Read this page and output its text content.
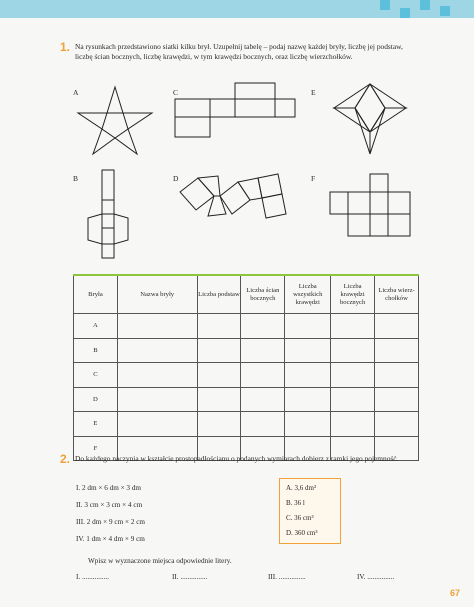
1. Na rysunkach przedstawiono siatki kilku brył. Uzupełnij tabelę – podaj nazwę każdej bryły, liczbę jej podstaw, liczbę ścian bocznych, liczbę krawędzi, w tym krawędzi bocznych, oraz liczbę wierzchołków.
A	C	E
B	D	F
Bryła	Nazwa bryły	Liczba podstaw	Liczba ścian bocznych	Liczba wszystkich krawędzi	Liczba krawędzi bocznych	Liczba wierz-chołków
A						
B						
C						
D						
E						
F						
2. Do każdego naczynia w kształcie prostopadłościanu o podanych wymiarach dobierz z ramki jego pojemność.
I. 2 dm × 6 dm × 3 dm
II. 3 cm × 3 cm × 4 cm
III. 2 dm × 9 cm × 2 cm
IV. 1 dm × 4 dm × 9 cm
A. 3,6 dm³
B. 36 l
C. 36 cm³
D. 360 cm³
Wpisz w wyznaczone miejsca odpowiednie litery.
I. ...............	II. ...............	III. ...............	IV. ...............
67
